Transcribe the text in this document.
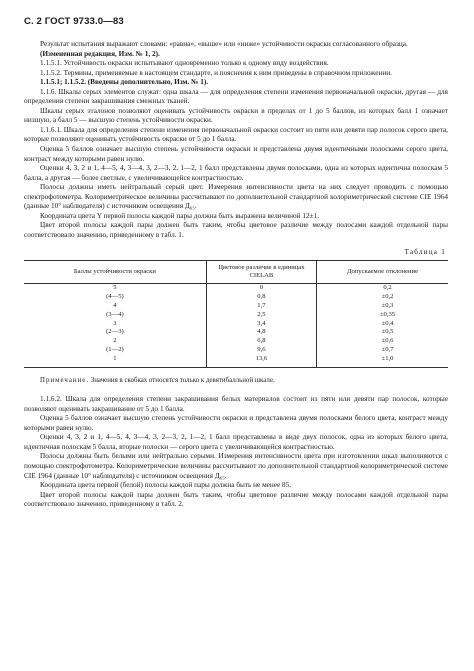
С. 2 ГОСТ 9733.0—83

Результат испытания выражают словами: «равна», «выше» или «ниже» устойчивости окраски согласованного образца.

(Измененная редакция, Изм. № 1, 2).

1.1.5.1. Устойчивость окраски испытывают одновременно только к одному виду воздействия.

1.1.5.2. Термины, применяемые в настоящем стандарте, и пояснения к ним приведены в справочном приложении.

1.1.5.1; 1.1.5.2. (Введены дополнительно, Изм. № 1).

1.1.6. Шкалы серых элементов служат: одна шкала — для определения степени изменения первоначальной окраски, другая — для определения степени закрашивания смежных тканей.

Шкалы серых эталонов позволяют оценивать устойчивость окраски в пределах от 1 до 5 баллов, из которых балл 1 означает низшую, а балл 5 — высшую степень устойчивости окраски.

1.1.6.1. Шкала для определения степени изменения первоначальной окраски состоит из пяти или девяти пар полосок серого цвета, которые позволяют оценивать устойчивость окраски от 5 до 1 балла.

Оценка 5 баллов означает высшую степень устойчивости окраски и представлена двумя идентичными полосками серого цвета, контраст между которыми равен нулю.

Оценки 4, 3, 2 и 1, 4—5, 4, 3—4, 3, 2—3, 2, 1—2, 1 балл представлены двумя полосками, одна из которых идентична полоскам 5 балла, а другая — более светлые, с увеличивающейся контрастностью.

Полосы должны иметь нейтральный серый цвет. Измерения интенсивности цвета на них следует проводить с помощью спектрофотометра. Колориметрическое величины рассчитывают по дополнительной стандартной колориметрической системе CIE 1964 (данные 10° наблюдателя) с источником освещения Д₆₅.

Координата цвета Y первой полосы каждой пары должна быть выражена величиной 12±1.

Цвет второй полосы каждой пары должен быть таким, чтобы цветовое различие между полосами каждой отдельной пары соответствовало значению, приведенному в табл. 1.

Таблица 1
Баллы устойчивости окраски	Цветовое различие в единицах CIELAB	Допускаемое отклонение
5	0	0,2
(4—5)	0,8	±0,2
4	1,7	±0,3
(3—4)	2,5	±0,35
3	3,4	±0,4
(2—3)	4,8	±0,5
2	6,8	±0,6
(1—2)	9,6	±0,7
1	13,6	±1,0

Примечание. Значения в скобках относятся только к девятибалльной шкале.

1.1.6.2. Шкала для определения степени закрашивания белых материалов состоит из пяти или девяти пар полосок, которые позволяют оценивать закрашивание от 5 до 1 балла.

Оценка 5 баллов означает высшую степень устойчивости окраски и представлена двумя полосками белого цвета, контраст между которыми равен нулю.

Оценки 4, 3, 2 и 1, 4—5, 4, 3—4, 3, 2—3, 2, 1—2, 1 балл представлены в виде двух полосок, одна из которых белого цвета, идентичная полоскам 5 балла, вторые полоски — серого цвета с увеличивающейся контрастностью.

Полосы должны быть белыми или нейтрально серыми. Измерения интенсивности цвета при изготовлении шкал выполняются с помощью спектрофотометра. Колориметрические величины рассчитывают по дополнительной стандартной колориметрической системе CIE 1964 (данные 10° наблюдателя) с источником освещения Д₆₅.

Координата цвета первой (белой) полосы каждой пары должна быть не менее 85.

Цвет второй полосы каждой пары должен быть таким, чтобы цветовое различие между полосами каждой отдельной пары соответствовало значению, приведенному в табл. 2.
